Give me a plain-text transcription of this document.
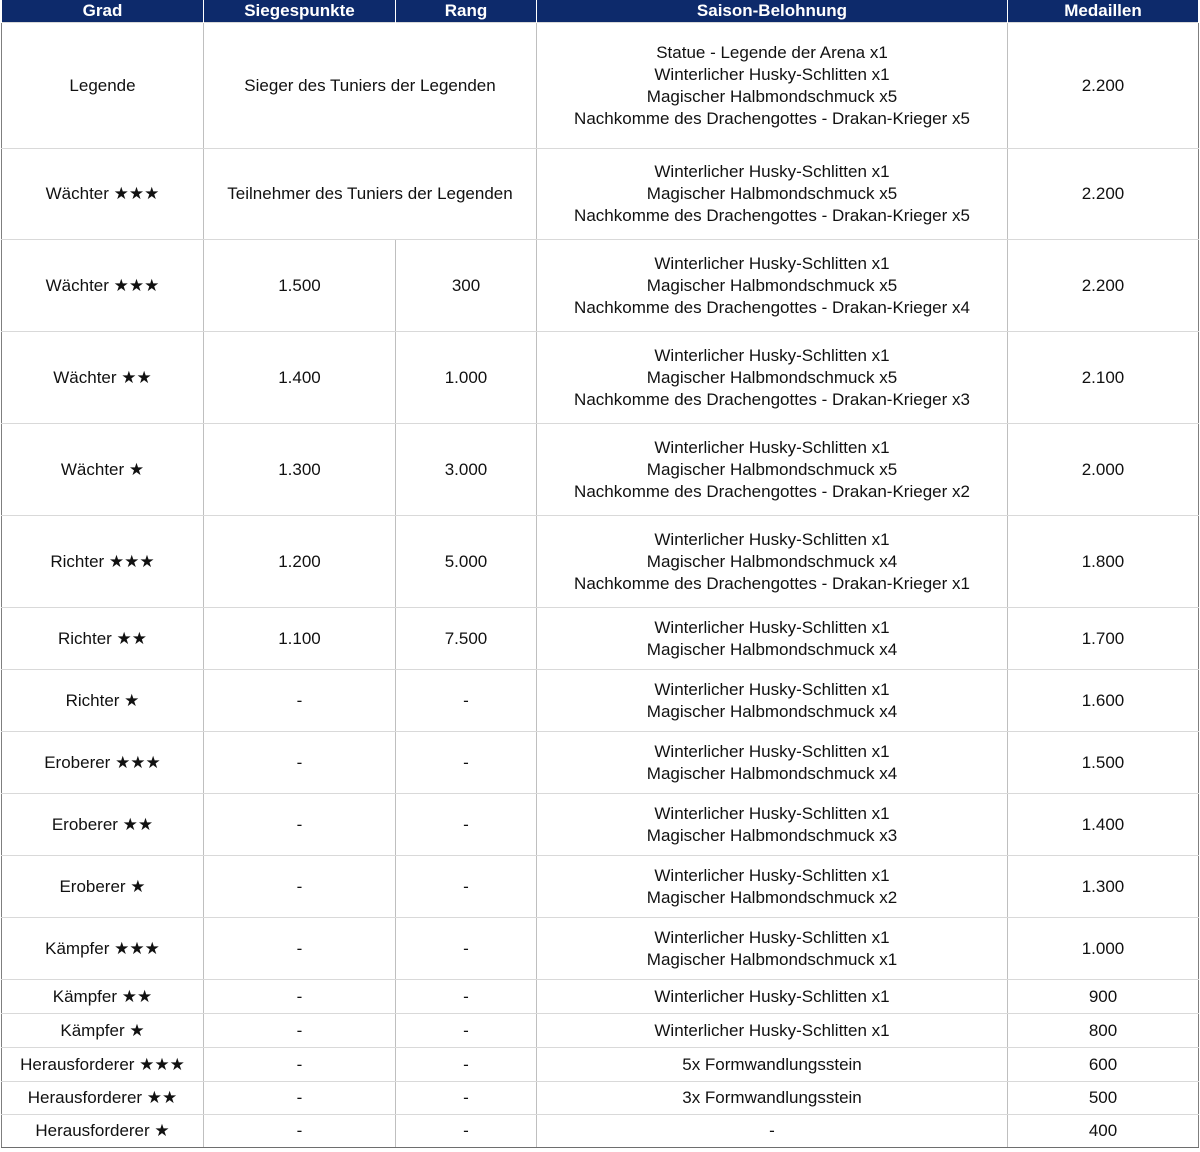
Grad	Siegespunkte	Rang	Saison-Belohnung	Medaillen
Legende	Sieger des Tuniers der Legenden		Statue - Legende der Arena x1
Winterlicher Husky-Schlitten x1
Magischer Halbmondschmuck x5
Nachkomme des Drachengottes - Drakan-Krieger x5	2.200
Wächter ★★★	Teilnehmer des Tuniers der Legenden		Winterlicher Husky-Schlitten x1
Magischer Halbmondschmuck x5
Nachkomme des Drachengottes - Drakan-Krieger x5	2.200
Wächter ★★★	1.500	300	Winterlicher Husky-Schlitten x1
Magischer Halbmondschmuck x5
Nachkomme des Drachengottes - Drakan-Krieger x4	2.200
Wächter ★★	1.400	1.000	Winterlicher Husky-Schlitten x1
Magischer Halbmondschmuck x5
Nachkomme des Drachengottes - Drakan-Krieger x3	2.100
Wächter ★	1.300	3.000	Winterlicher Husky-Schlitten x1
Magischer Halbmondschmuck x5
Nachkomme des Drachengottes - Drakan-Krieger x2	2.000
Richter ★★★	1.200	5.000	Winterlicher Husky-Schlitten x1
Magischer Halbmondschmuck x4
Nachkomme des Drachengottes - Drakan-Krieger x1	1.800
Richter ★★	1.100	7.500	Winterlicher Husky-Schlitten x1
Magischer Halbmondschmuck x4	1.700
Richter ★	-	-	Winterlicher Husky-Schlitten x1
Magischer Halbmondschmuck x4	1.600
Eroberer ★★★	-	-	Winterlicher Husky-Schlitten x1
Magischer Halbmondschmuck x4	1.500
Eroberer ★★	-	-	Winterlicher Husky-Schlitten x1
Magischer Halbmondschmuck x3	1.400
Eroberer ★	-	-	Winterlicher Husky-Schlitten x1
Magischer Halbmondschmuck x2	1.300
Kämpfer ★★★	-	-	Winterlicher Husky-Schlitten x1
Magischer Halbmondschmuck x1	1.000
Kämpfer ★★	-	-	Winterlicher Husky-Schlitten x1	900
Kämpfer ★	-	-	Winterlicher Husky-Schlitten x1	800
Herausforderer ★★★	-	-	5x Formwandlungsstein	600
Herausforderer ★★	-	-	3x Formwandlungsstein	500
Herausforderer ★	-	-	-	400
